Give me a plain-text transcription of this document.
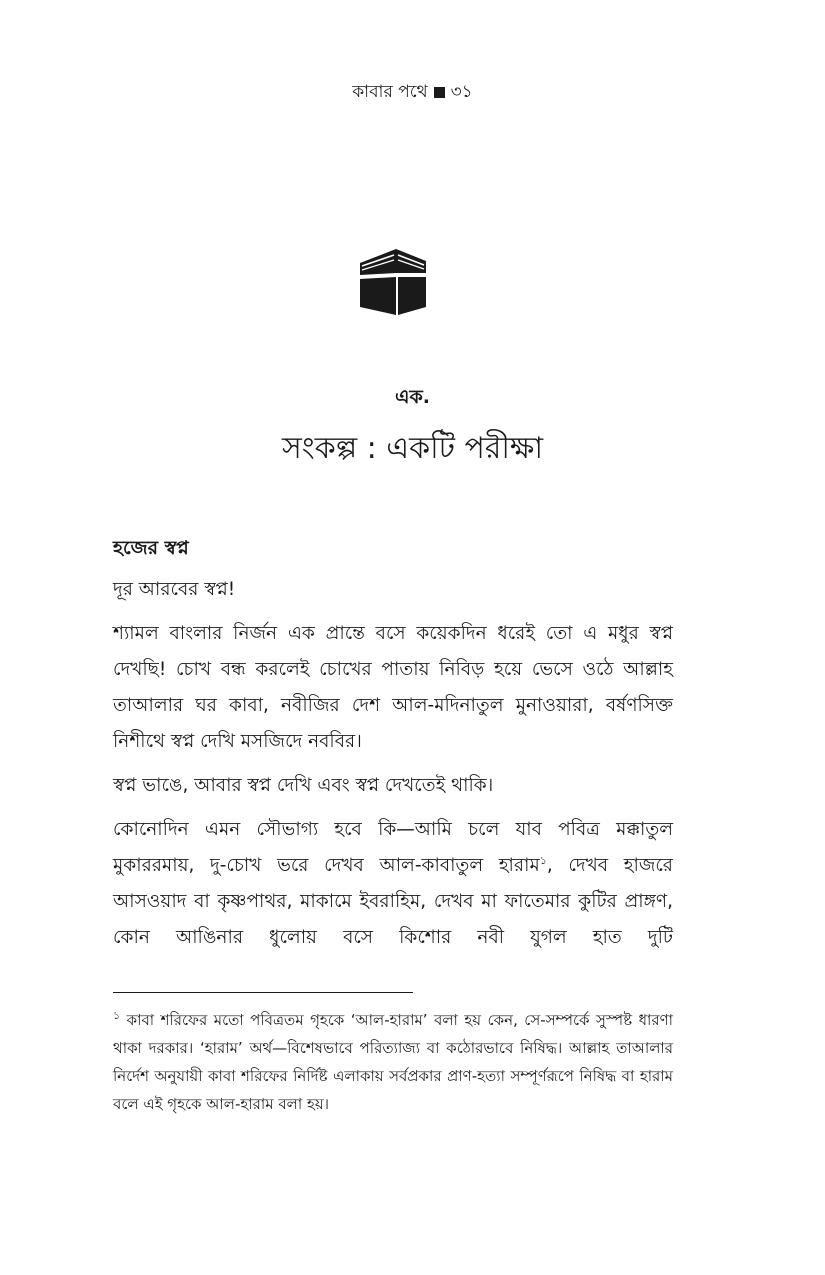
কাবার পথে ৩১
এক.
সংকল্প : একটি পরীক্ষা
হজের স্বপ্ন

দূর আরবের স্বপ্ন!

শ্যামল বাংলার নির্জন এক প্রান্তে বসে কয়েকদিন ধরেই তো এ মধুর স্বপ্ন দেখছি! চোখ বন্ধ করলেই চোখের পাতায় নিবিড় হয়ে ভেসে ওঠে আল্লাহ তাআলার ঘর কাবা, নবীজির দেশ আল-মদিনাতুল মুনাওয়ারা, বর্ষণসিক্ত নিশীথে স্বপ্ন দেখি মসজিদে নববির।

স্বপ্ন ভাঙে, আবার স্বপ্ন দেখি এবং স্বপ্ন দেখতেই থাকি।

কোনোদিন এমন সৌভাগ্য হবে কি—আমি চলে যাব পবিত্র মক্কাতুল মুকাররমায়, দু-চোখ ভরে দেখব আল-কাবাতুল হারাম$^১$, দেখব হাজরে আসওয়াদ বা কৃষ্ণপাথর, মাকামে ইবরাহিম, দেখব মা ফাতেমার কুটির প্রাঙ্গণ, কোন আঙিনার ধুলোয় বসে কিশোর নবী যুগল হাত দুটি

$^১$ কাবা শরিফের মতো পবিত্রতম গৃহকে ‘আল-হারাম’ বলা হয় কেন, সে-সম্পর্কে সুস্পষ্ট ধারণা থাকা দরকার। ‘হারাম’ অর্থ—বিশেষভাবে পরিত্যাজ্য বা কঠোরভাবে নিষিদ্ধ। আল্লাহ তাআলার নির্দেশ অনুযায়ী কাবা শরিফের নির্দিষ্ট এলাকায় সর্বপ্রকার প্রাণ-হত্যা সম্পূর্ণরূপে নিষিদ্ধ বা হারাম বলে এই গৃহকে আল-হারাম বলা হয়।
